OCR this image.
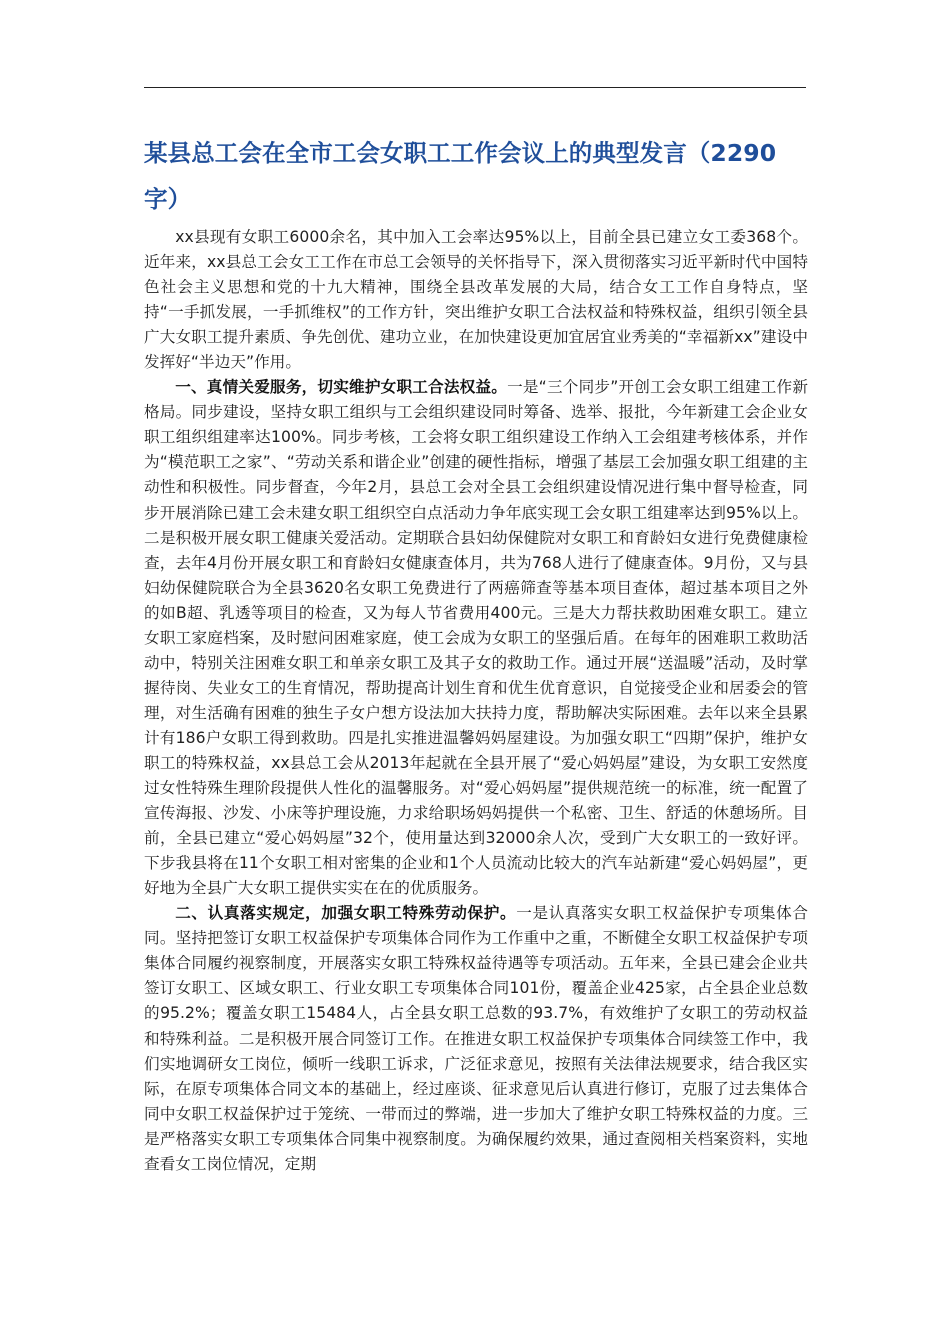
某县总工会在全市工会女职工工作会议上的典型发言（2290字）

xx县现有女职工6000余名，其中加入工会率达95%以上，目前全县已建立女工委368个。近年来，xx县总工会女工工作在市总工会领导的关怀指导下，深入贯彻落实习近平新时代中国特色社会主义思想和党的十九大精神，围绕全县改革发展的大局，结合女工工作自身特点，坚持“一手抓发展，一手抓维权”的工作方针，突出维护女职工合法权益和特殊权益，组织引领全县广大女职工提升素质、争先创优、建功立业，在加快建设更加宜居宜业秀美的“幸福新xx”建设中发挥好“半边天”作用。

一、真情关爱服务，切实维护女职工合法权益。一是“三个同步”开创工会女职工组建工作新格局。同步建设，坚持女职工组织与工会组织建设同时筹备、选举、报批，今年新建工会企业女职工组织组建率达100%。同步考核，工会将女职工组织建设工作纳入工会组建考核体系，并作为“模范职工之家”、“劳动关系和谐企业”创建的硬性指标，增强了基层工会加强女职工组建的主动性和积极性。同步督查，今年2月，县总工会对全县工会组织建设情况进行集中督导检查，同步开展消除已建工会未建女职工组织空白点活动力争年底实现工会女职工组建率达到95%以上。二是积极开展女职工健康关爱活动。定期联合县妇幼保健院对女职工和育龄妇女进行免费健康检查，去年4月份开展女职工和育龄妇女健康查体月，共为768人进行了健康查体。9月份，又与县妇幼保健院联合为全县3620名女职工免费进行了两癌筛查等基本项目查体，超过基本项目之外的如B超、乳透等项目的检查，又为每人节省费用400元。三是大力帮扶救助困难女职工。建立女职工家庭档案，及时慰问困难家庭，使工会成为女职工的坚强后盾。在每年的困难职工救助活动中，特别关注困难女职工和单亲女职工及其子女的救助工作。通过开展“送温暖”活动，及时掌握待岗、失业女工的生育情况，帮助提高计划生育和优生优育意识，自觉接受企业和居委会的管理，对生活确有困难的独生子女户想方设法加大扶持力度，帮助解决实际困难。去年以来全县累计有186户女职工得到救助。四是扎实推进温馨妈妈屋建设。为加强女职工“四期”保护，维护女职工的特殊权益，xx县总工会从2013年起就在全县开展了“爱心妈妈屋”建设，为女职工安然度过女性特殊生理阶段提供人性化的温馨服务。对“爱心妈妈屋”提供规范统一的标准，统一配置了宣传海报、沙发、小床等护理设施，力求给职场妈妈提供一个私密、卫生、舒适的休憩场所。目前，全县已建立“爱心妈妈屋”32个，使用量达到32000余人次，受到广大女职工的一致好评。下步我县将在11个女职工相对密集的企业和1个人员流动比较大的汽车站新建“爱心妈妈屋”，更好地为全县广大女职工提供实实在在的优质服务。

二、认真落实规定，加强女职工特殊劳动保护。一是认真落实女职工权益保护专项集体合同。坚持把签订女职工权益保护专项集体合同作为工作重中之重，不断健全女职工权益保护专项集体合同履约视察制度，开展落实女职工特殊权益待遇等专项活动。五年来，全县已建会企业共签订女职工、区域女职工、行业女职工专项集体合同101份，覆盖企业425家，占全县企业总数的95.2%；覆盖女职工15484人，占全县女职工总数的93.7%，有效维护了女职工的劳动权益和特殊利益。二是积极开展合同签订工作。在推进女职工权益保护专项集体合同续签工作中，我们实地调研女工岗位，倾听一线职工诉求，广泛征求意见，按照有关法律法规要求，结合我区实际，在原专项集体合同文本的基础上，经过座谈、征求意见后认真进行修订，克服了过去集体合同中女职工权益保护过于笼统、一带而过的弊端，进一步加大了维护女职工特殊权益的力度。三是严格落实女职工专项集体合同集中视察制度。为确保履约效果，通过查阅相关档案资料，实地查看女工岗位情况，定期
